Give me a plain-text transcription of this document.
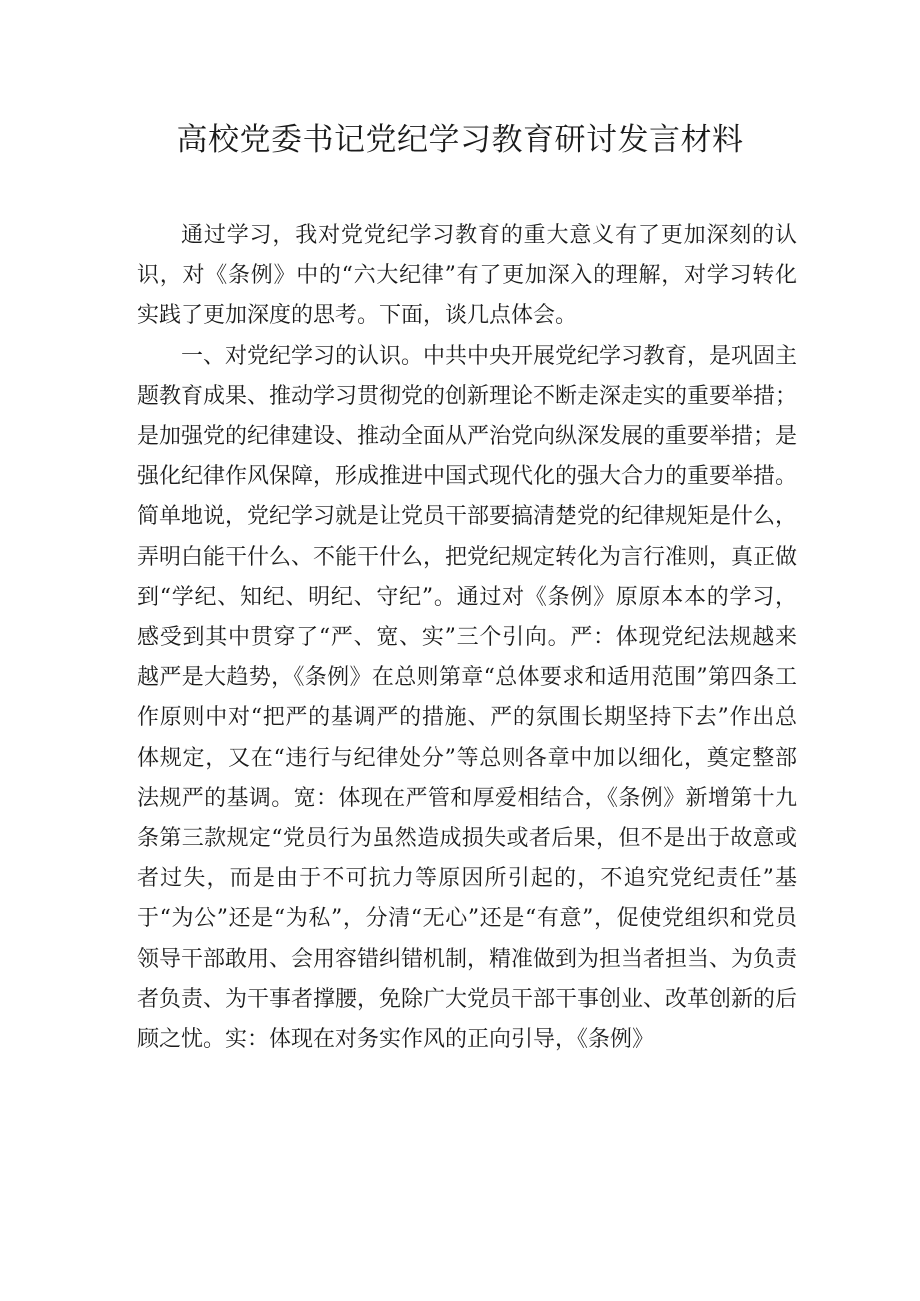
高校党委书记党纪学习教育研讨发言材料

通过学习，我对党党纪学习教育的重大意义有了更加深刻的认识，对《条例》中的“六大纪律”有了更加深入的理解，对学习转化实践了更加深度的思考。下面，谈几点体会。

一、对党纪学习的认识。中共中央开展党纪学习教育，是巩固主题教育成果、推动学习贯彻党的创新理论不断走深走实的重要举措；是加强党的纪律建设、推动全面从严治党向纵深发展的重要举措；是强化纪律作风保障，形成推进中国式现代化的强大合力的重要举措。简单地说，党纪学习就是让党员干部要搞清楚党的纪律规矩是什么，弄明白能干什么、不能干什么，把党纪规定转化为言行准则，真正做到“学纪、知纪、明纪、守纪”。通过对《条例》原原本本的学习，感受到其中贯穿了“严、宽、实”三个引向。严：体现党纪法规越来越严是大趋势，《条例》在总则第章“总体要求和适用范围”第四条工作原则中对“把严的基调严的措施、严的氛围长期坚持下去”作出总体规定，又在“违行与纪律处分”等总则各章中加以细化，奠定整部法规严的基调。宽：体现在严管和厚爱相结合，《条例》新增第十九条第三款规定“党员行为虽然造成损失或者后果，但不是出于故意或者过失，而是由于不可抗力等原因所引起的，不追究党纪责任”基于“为公”还是“为私”，分清“无心”还是“有意”，促使党组织和党员领导干部敢用、会用容错纠错机制，精准做到为担当者担当、为负责者负责、为干事者撑腰，免除广大党员干部干事创业、改革创新的后顾之忧。实：体现在对务实作风的正向引导，《条例》
